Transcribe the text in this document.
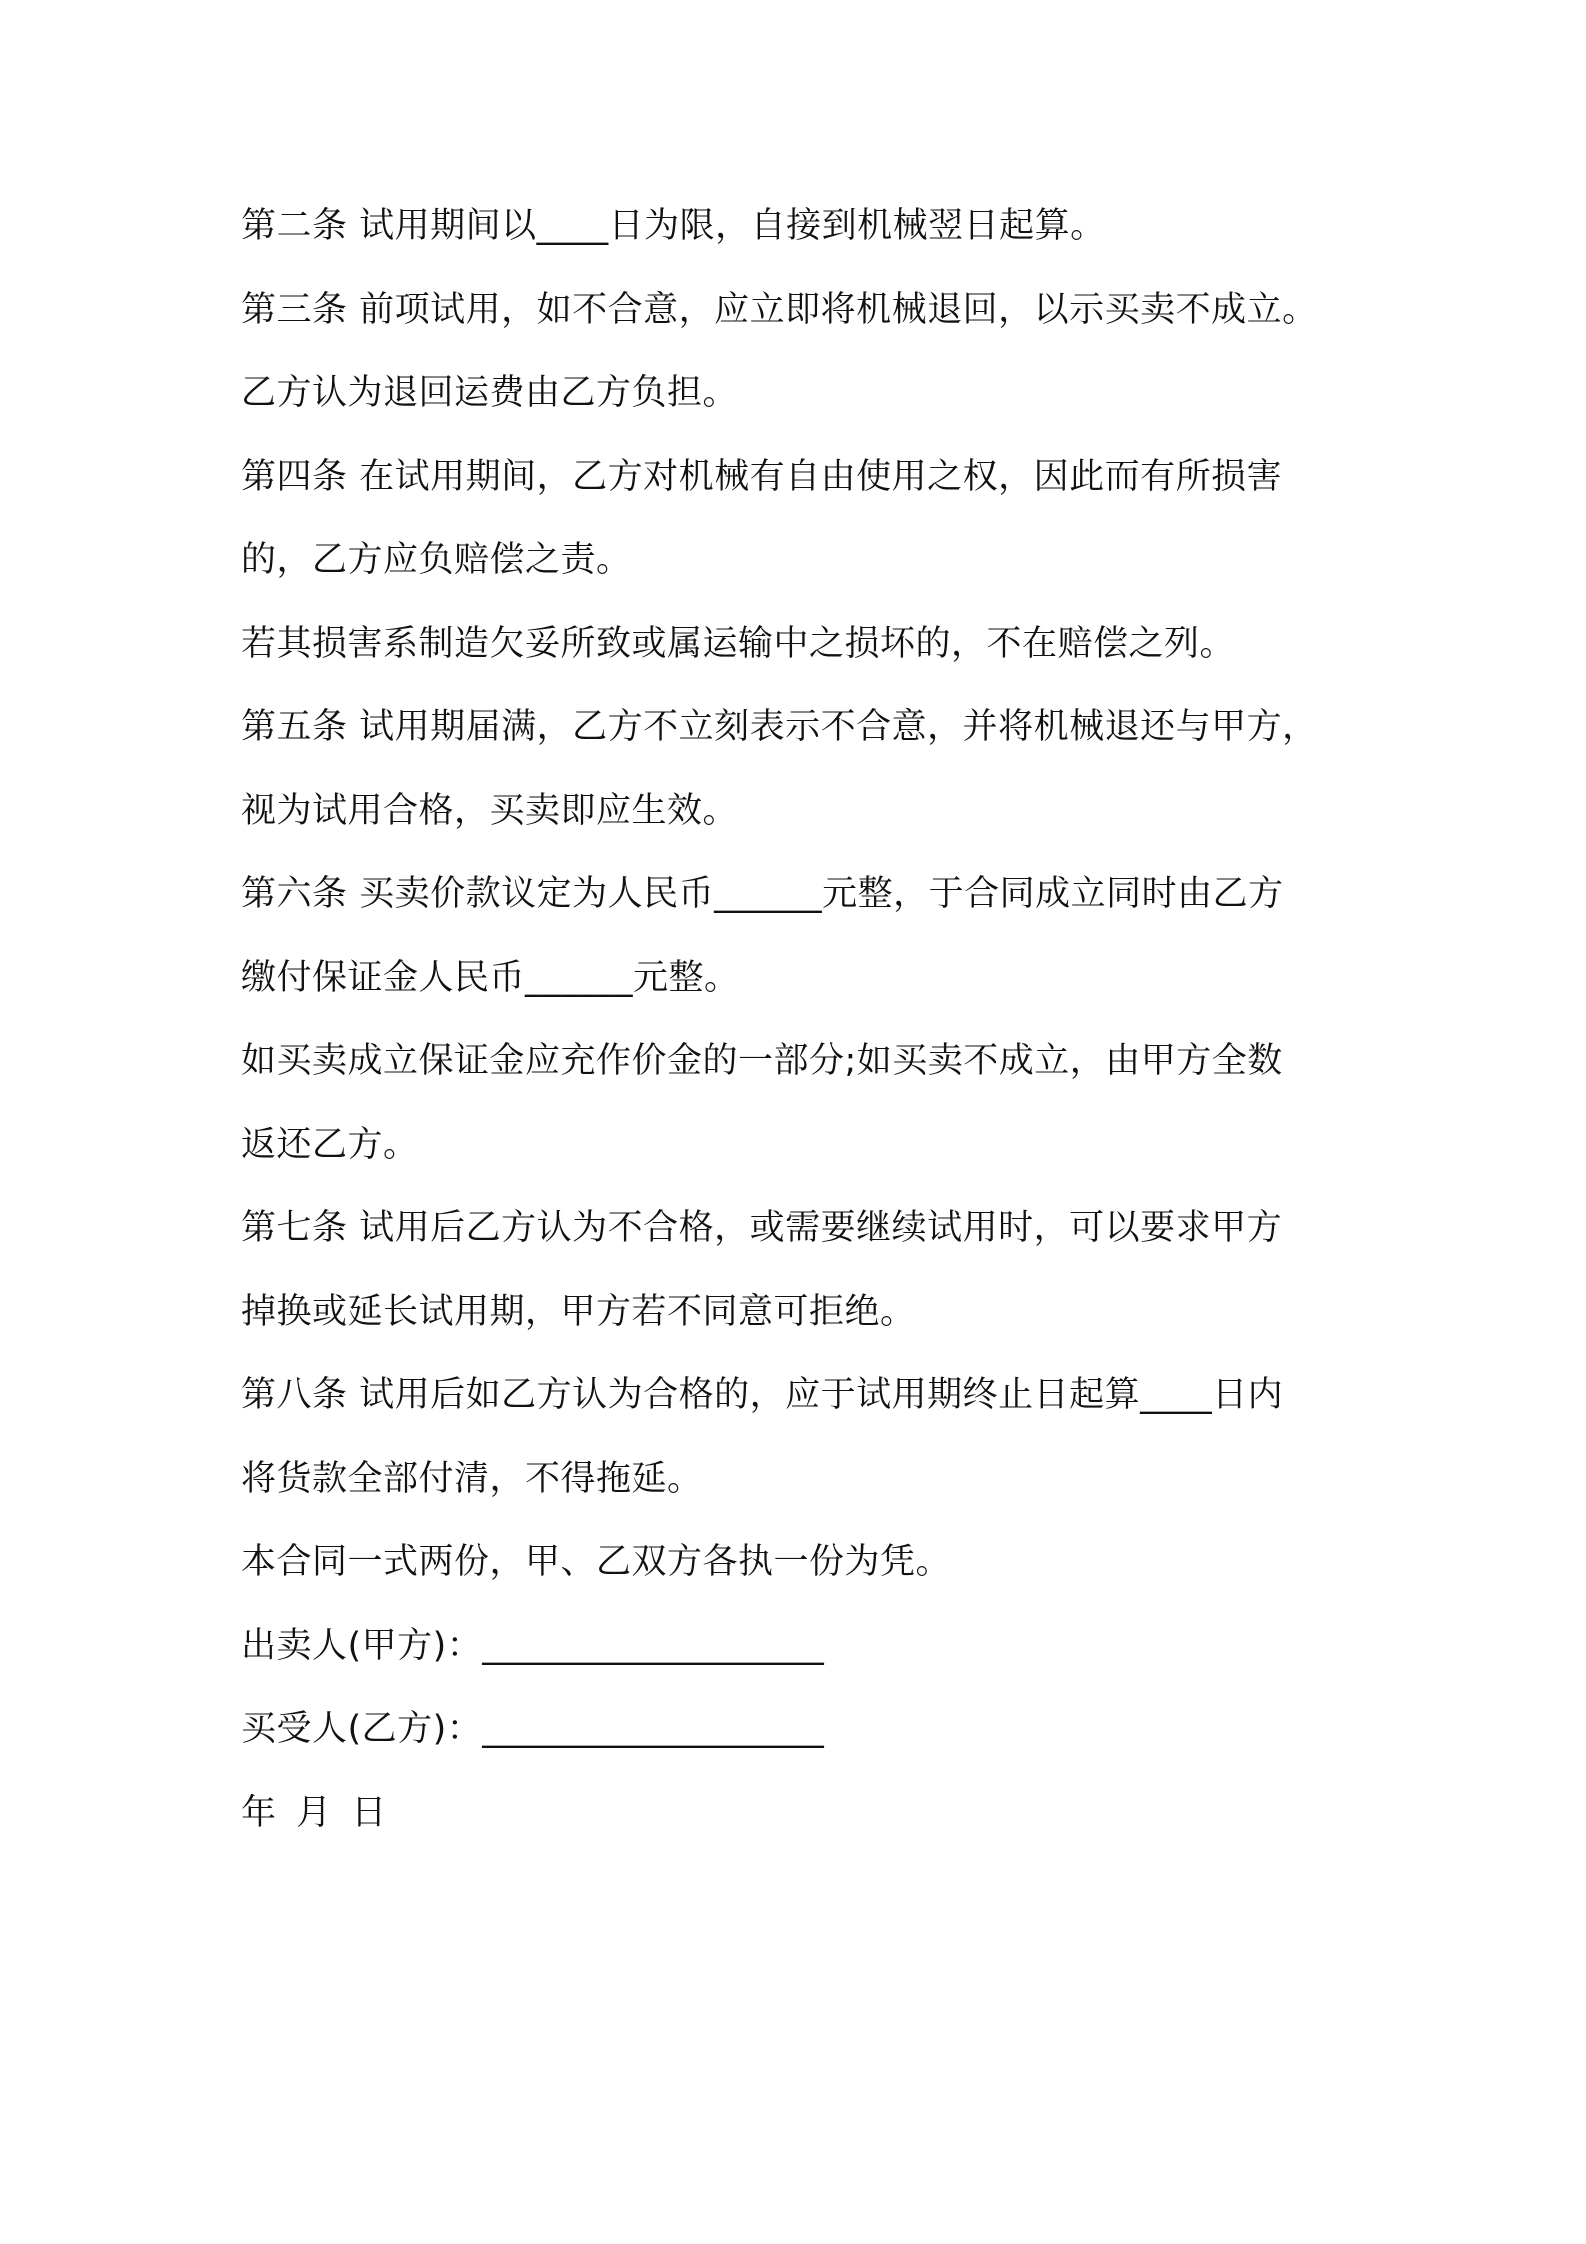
第二条 试用期间以____日为限，自接到机械翌日起算。
第三条 前项试用，如不合意，应立即将机械退回，以示买卖不成立。
乙方认为退回运费由乙方负担。
第四条 在试用期间，乙方对机械有自由使用之权，因此而有所损害
的，乙方应负赔偿之责。
若其损害系制造欠妥所致或属运输中之损坏的，不在赔偿之列。
第五条 试用期届满，乙方不立刻表示不合意，并将机械退还与甲方，
视为试用合格，买卖即应生效。
第六条 买卖价款议定为人民币______元整，于合同成立同时由乙方
缴付保证金人民币______元整。
如买卖成立保证金应充作价金的一部分;如买卖不成立，由甲方全数
返还乙方。
第七条 试用后乙方认为不合格，或需要继续试用时，可以要求甲方
掉换或延长试用期，甲方若不同意可拒绝。
第八条 试用后如乙方认为合格的，应于试用期终止日起算____日内
将货款全部付清，不得拖延。
本合同一式两份，甲、乙双方各执一份为凭。
出卖人(甲方)：___________________
买受人(乙方)：___________________
年 月 日
